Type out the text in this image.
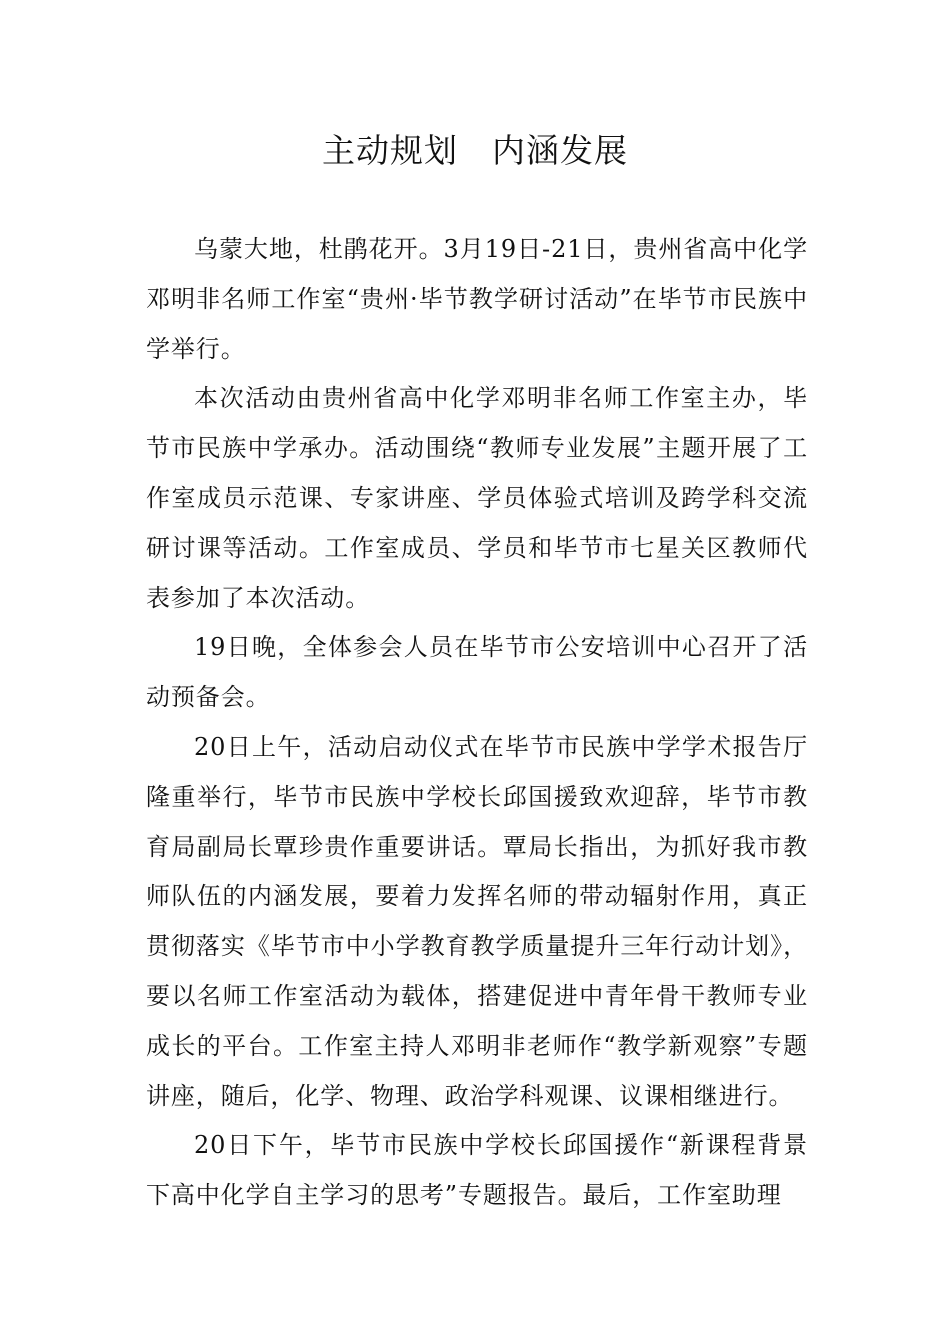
主动规划　内涵发展

乌蒙大地，杜鹃花开。3月19日-21日，贵州省高中化学邓明非名师工作室“贵州·毕节教学研讨活动”在毕节市民族中学举行。

本次活动由贵州省高中化学邓明非名师工作室主办，毕节市民族中学承办。活动围绕“教师专业发展”主题开展了工作室成员示范课、专家讲座、学员体验式培训及跨学科交流研讨课等活动。工作室成员、学员和毕节市七星关区教师代表参加了本次活动。

19日晚，全体参会人员在毕节市公安培训中心召开了活动预备会。

20日上午，活动启动仪式在毕节市民族中学学术报告厅隆重举行，毕节市民族中学校长邱国援致欢迎辞，毕节市教育局副局长覃珍贵作重要讲话。覃局长指出，为抓好我市教师队伍的内涵发展，要着力发挥名师的带动辐射作用，真正贯彻落实《毕节市中小学教育教学质量提升三年行动计划》，要以名师工作室活动为载体，搭建促进中青年骨干教师专业成长的平台。工作室主持人邓明非老师作“教学新观察”专题讲座，随后，化学、物理、政治学科观课、议课相继进行。

20日下午，毕节市民族中学校长邱国援作“新课程背景下高中化学自主学习的思考”专题报告。最后，工作室助理
